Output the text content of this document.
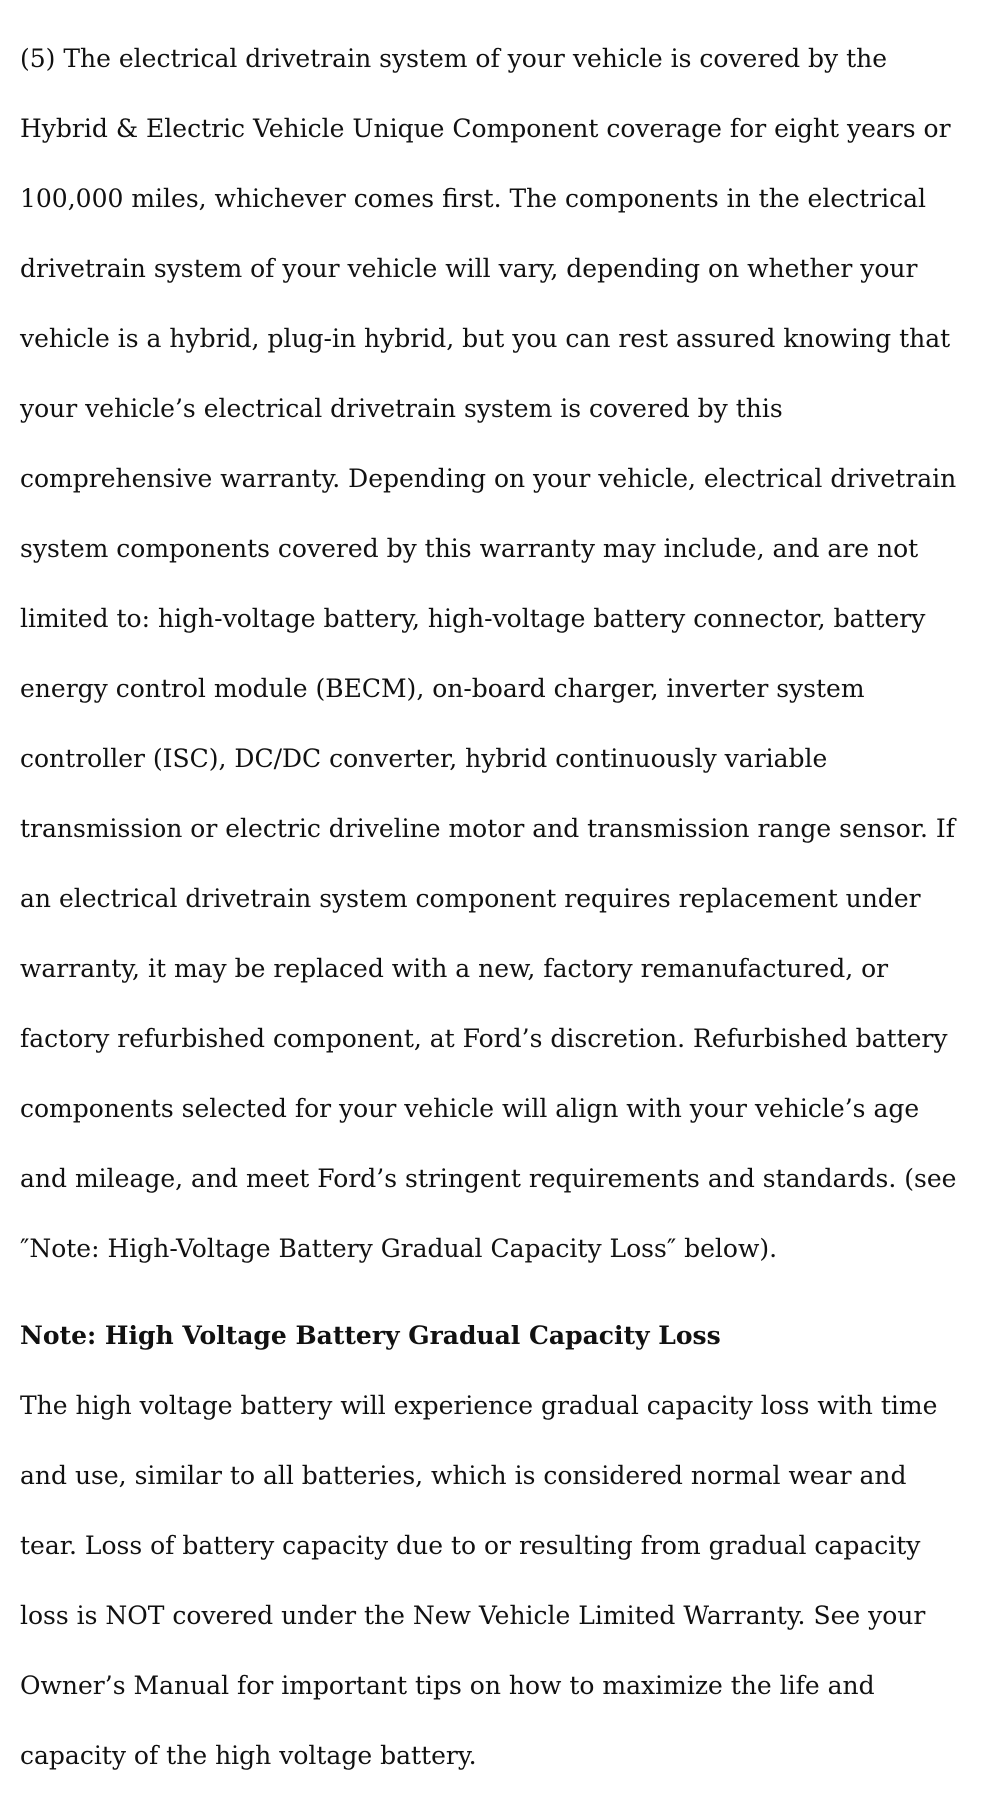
(5) The electrical drivetrain system of your vehicle is covered by the

Hybrid & Electric Vehicle Unique Component coverage for eight years or

100,000 miles, whichever comes first. The components in the electrical

drivetrain system of your vehicle will vary, depending on whether your

vehicle is a hybrid, plug-in hybrid, but you can rest assured knowing that

your vehicle’s electrical drivetrain system is covered by this

comprehensive warranty. Depending on your vehicle, electrical drivetrain

system components covered by this warranty may include, and are not

limited to: high-voltage battery, high-voltage battery connector, battery

energy control module (BECM), on-board charger, inverter system

controller (ISC), DC/DC converter, hybrid continuously variable

transmission or electric driveline motor and transmission range sensor. If

an electrical drivetrain system component requires replacement under

warranty, it may be replaced with a new, factory remanufactured, or

factory refurbished component, at Ford’s discretion. Refurbished battery

components selected for your vehicle will align with your vehicle’s age

and mileage, and meet Ford’s stringent requirements and standards. (see

″Note: High-Voltage Battery Gradual Capacity Loss″ below).

Note: High Voltage Battery Gradual Capacity Loss

The high voltage battery will experience gradual capacity loss with time

and use, similar to all batteries, which is considered normal wear and

tear. Loss of battery capacity due to or resulting from gradual capacity

loss is NOT covered under the New Vehicle Limited Warranty. See your

Owner’s Manual for important tips on how to maximize the life and

capacity of the high voltage battery.
